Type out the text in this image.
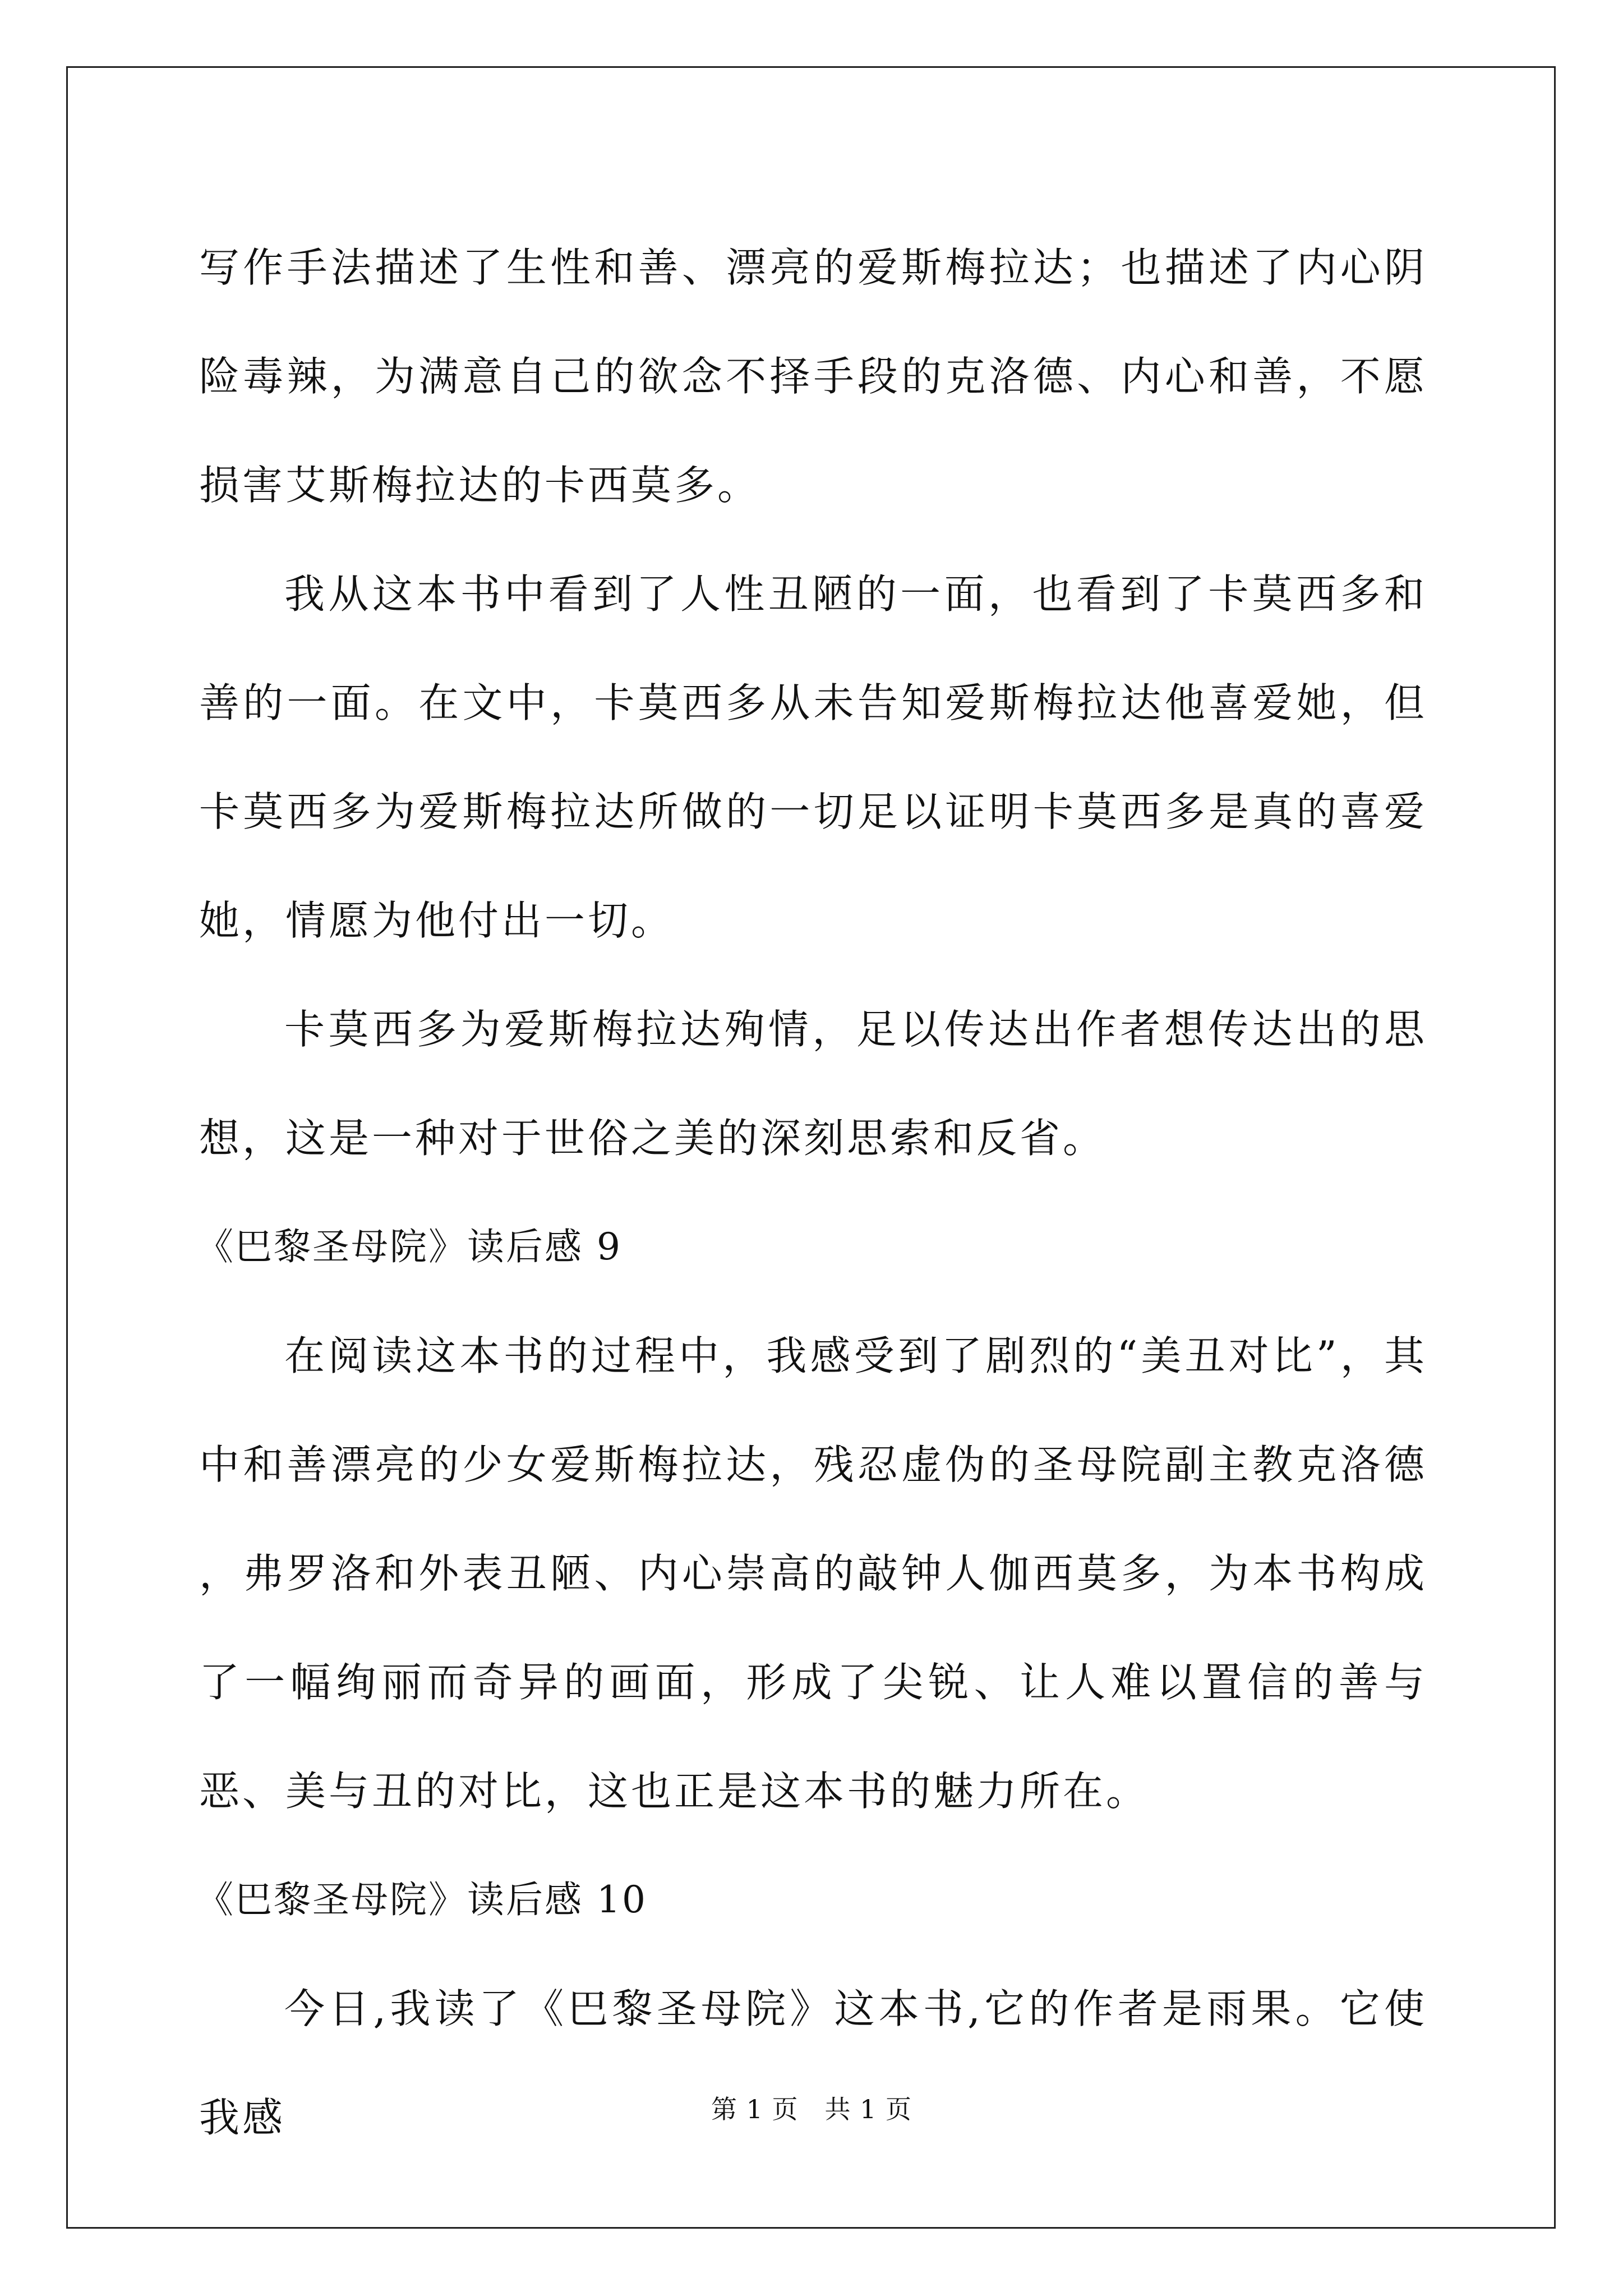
写作手法描述了生性和善、漂亮的爱斯梅拉达；也描述了内心阴险毒辣，为满意自己的欲念不择手段的克洛德、内心和善，不愿损害艾斯梅拉达的卡西莫多。

我从这本书中看到了人性丑陋的一面，也看到了卡莫西多和善的一面。在文中，卡莫西多从未告知爱斯梅拉达他喜爱她，但卡莫西多为爱斯梅拉达所做的一切足以证明卡莫西多是真的喜爱她，情愿为他付出一切。

卡莫西多为爱斯梅拉达殉情，足以传达出作者想传达出的思想，这是一种对于世俗之美的深刻思索和反省。

《巴黎圣母院》读后感 9

在阅读这本书的过程中，我感受到了剧烈的“美丑对比”，其中和善漂亮的少女爱斯梅拉达，残忍虚伪的圣母院副主教克洛德 ，弗罗洛和外表丑陋、内心崇高的敲钟人伽西莫多，为本书构成了一幅绚丽而奇异的画面，形成了尖锐、让人难以置信的善与恶、美与丑的对比，这也正是这本书的魅力所在。

《巴黎圣母院》读后感 10

今日,我读了《巴黎圣母院》这本书,它的作者是雨果。它使我感	第 1 页　共 1 页
